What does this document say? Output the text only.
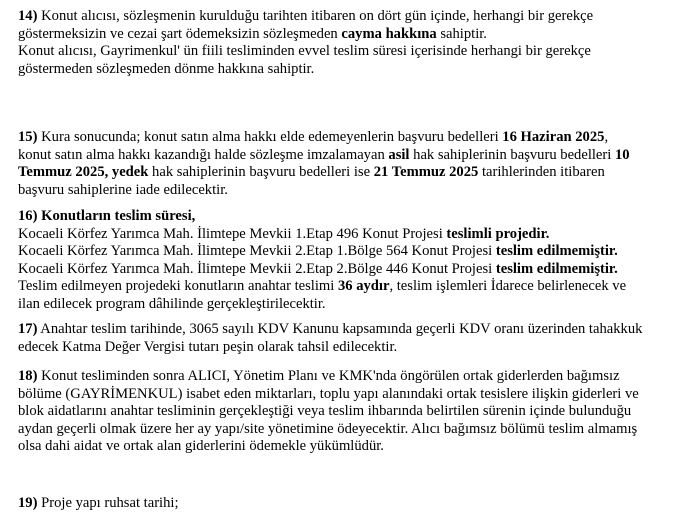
14) Konut alıcısı, sözleşmenin kurulduğu tarihten itibaren on dört gün içinde, herhangi bir gerekçe
göstermeksizin ve cezai şart ödemeksizin sözleşmeden cayma hakkına sahiptir.
Konut alıcısı, Gayrimenkul' ün fiili tesliminden evvel teslim süresi içerisinde herhangi bir gerekçe
göstermeden sözleşmeden dönme hakkına sahiptir.
15) Kura sonucunda; konut satın alma hakkı elde edemeyenlerin başvuru bedelleri 16 Haziran 2025,
konut satın alma hakkı kazandığı halde sözleşme imzalamayan asil hak sahiplerinin başvuru bedelleri 10
Temmuz 2025, yedek hak sahiplerinin başvuru bedelleri ise 21 Temmuz 2025 tarihlerinden itibaren
başvuru sahiplerine iade edilecektir.
16) Konutların teslim süresi,
Kocaeli Körfez Yarımca Mah. İlimtepe Mevkii 1.Etap 496 Konut Projesi teslimli projedir.
Kocaeli Körfez Yarımca Mah. İlimtepe Mevkii 2.Etap 1.Bölge 564 Konut Projesi teslim edilmemiştir.
Kocaeli Körfez Yarımca Mah. İlimtepe Mevkii 2.Etap 2.Bölge 446 Konut Projesi teslim edilmemiştir.
Teslim edilmeyen projedeki konutların anahtar teslimi 36 aydır, teslim işlemleri İdarece belirlenecek ve
ilan edilecek program dâhilinde gerçekleştirilecektir.
17) Anahtar teslim tarihinde, 3065 sayılı KDV Kanunu kapsamında geçerli KDV oranı üzerinden tahakkuk
edecek Katma Değer Vergisi tutarı peşin olarak tahsil edilecektir.
18) Konut tesliminden sonra ALICI, Yönetim Planı ve KMK'nda öngörülen ortak giderlerden bağımsız
bölüme (GAYRİMENKUL) isabet eden miktarları, toplu yapı alanındaki ortak tesislere ilişkin giderleri ve
blok aidatlarını anahtar tesliminin gerçekleştiği veya teslim ihbarında belirtilen sürenin içinde bulunduğu
aydan geçerli olmak üzere her ay yapı/site yönetimine ödeyecektir. Alıcı bağımsız bölümü teslim almamış
olsa dahi aidat ve ortak alan giderlerini ödemekle yükümlüdür.
19) Proje yapı ruhsat tarihi;
